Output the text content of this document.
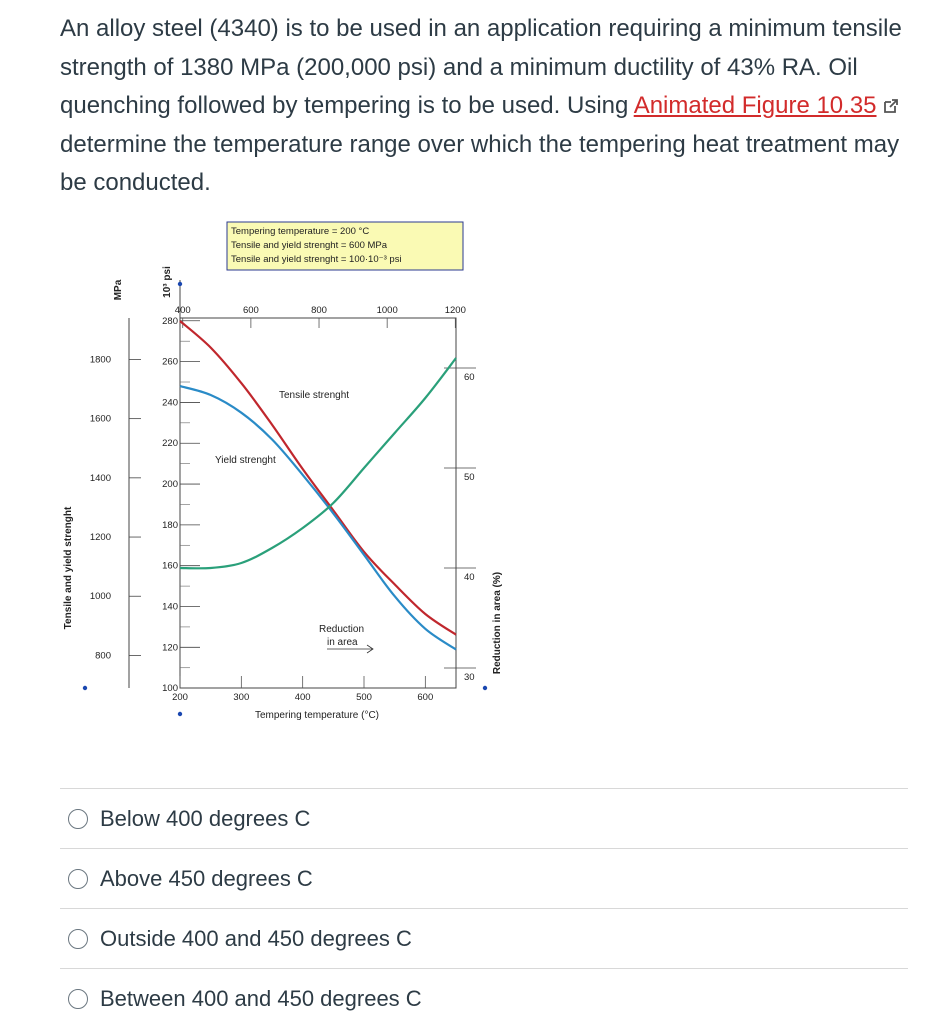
An alloy steel (4340) is to be used in an application requiring a minimum tensile strength of 1380 MPa (200,000 psi) and a minimum ductility of 43% RA. Oil quenching followed by tempering is to be used. Using Animated Figure 10.35 determine the temperature range over which the tempering heat treatment may be conducted.

Tempering temperature = 200 °C
Tensile and yield strenght = 600 MPa
Tensile and yield strenght = 100·10⁻³ psi
Tensile and yield strenght
MPa	10³ psi
Reduction in area (%)
Tempering temperature (°C)
200	300	400	500	600
400	600	800	1000	1200
800
1000
1200
1400
1600
1800
100
120
140
160
180
200
220
240
260
280
30
40
50
60
Tensile strenght
Yield strenght
Reduction
in area
Below 400 degrees C
Above 450 degrees C
Outside 400 and 450 degrees C
Between 400 and 450 degrees C
